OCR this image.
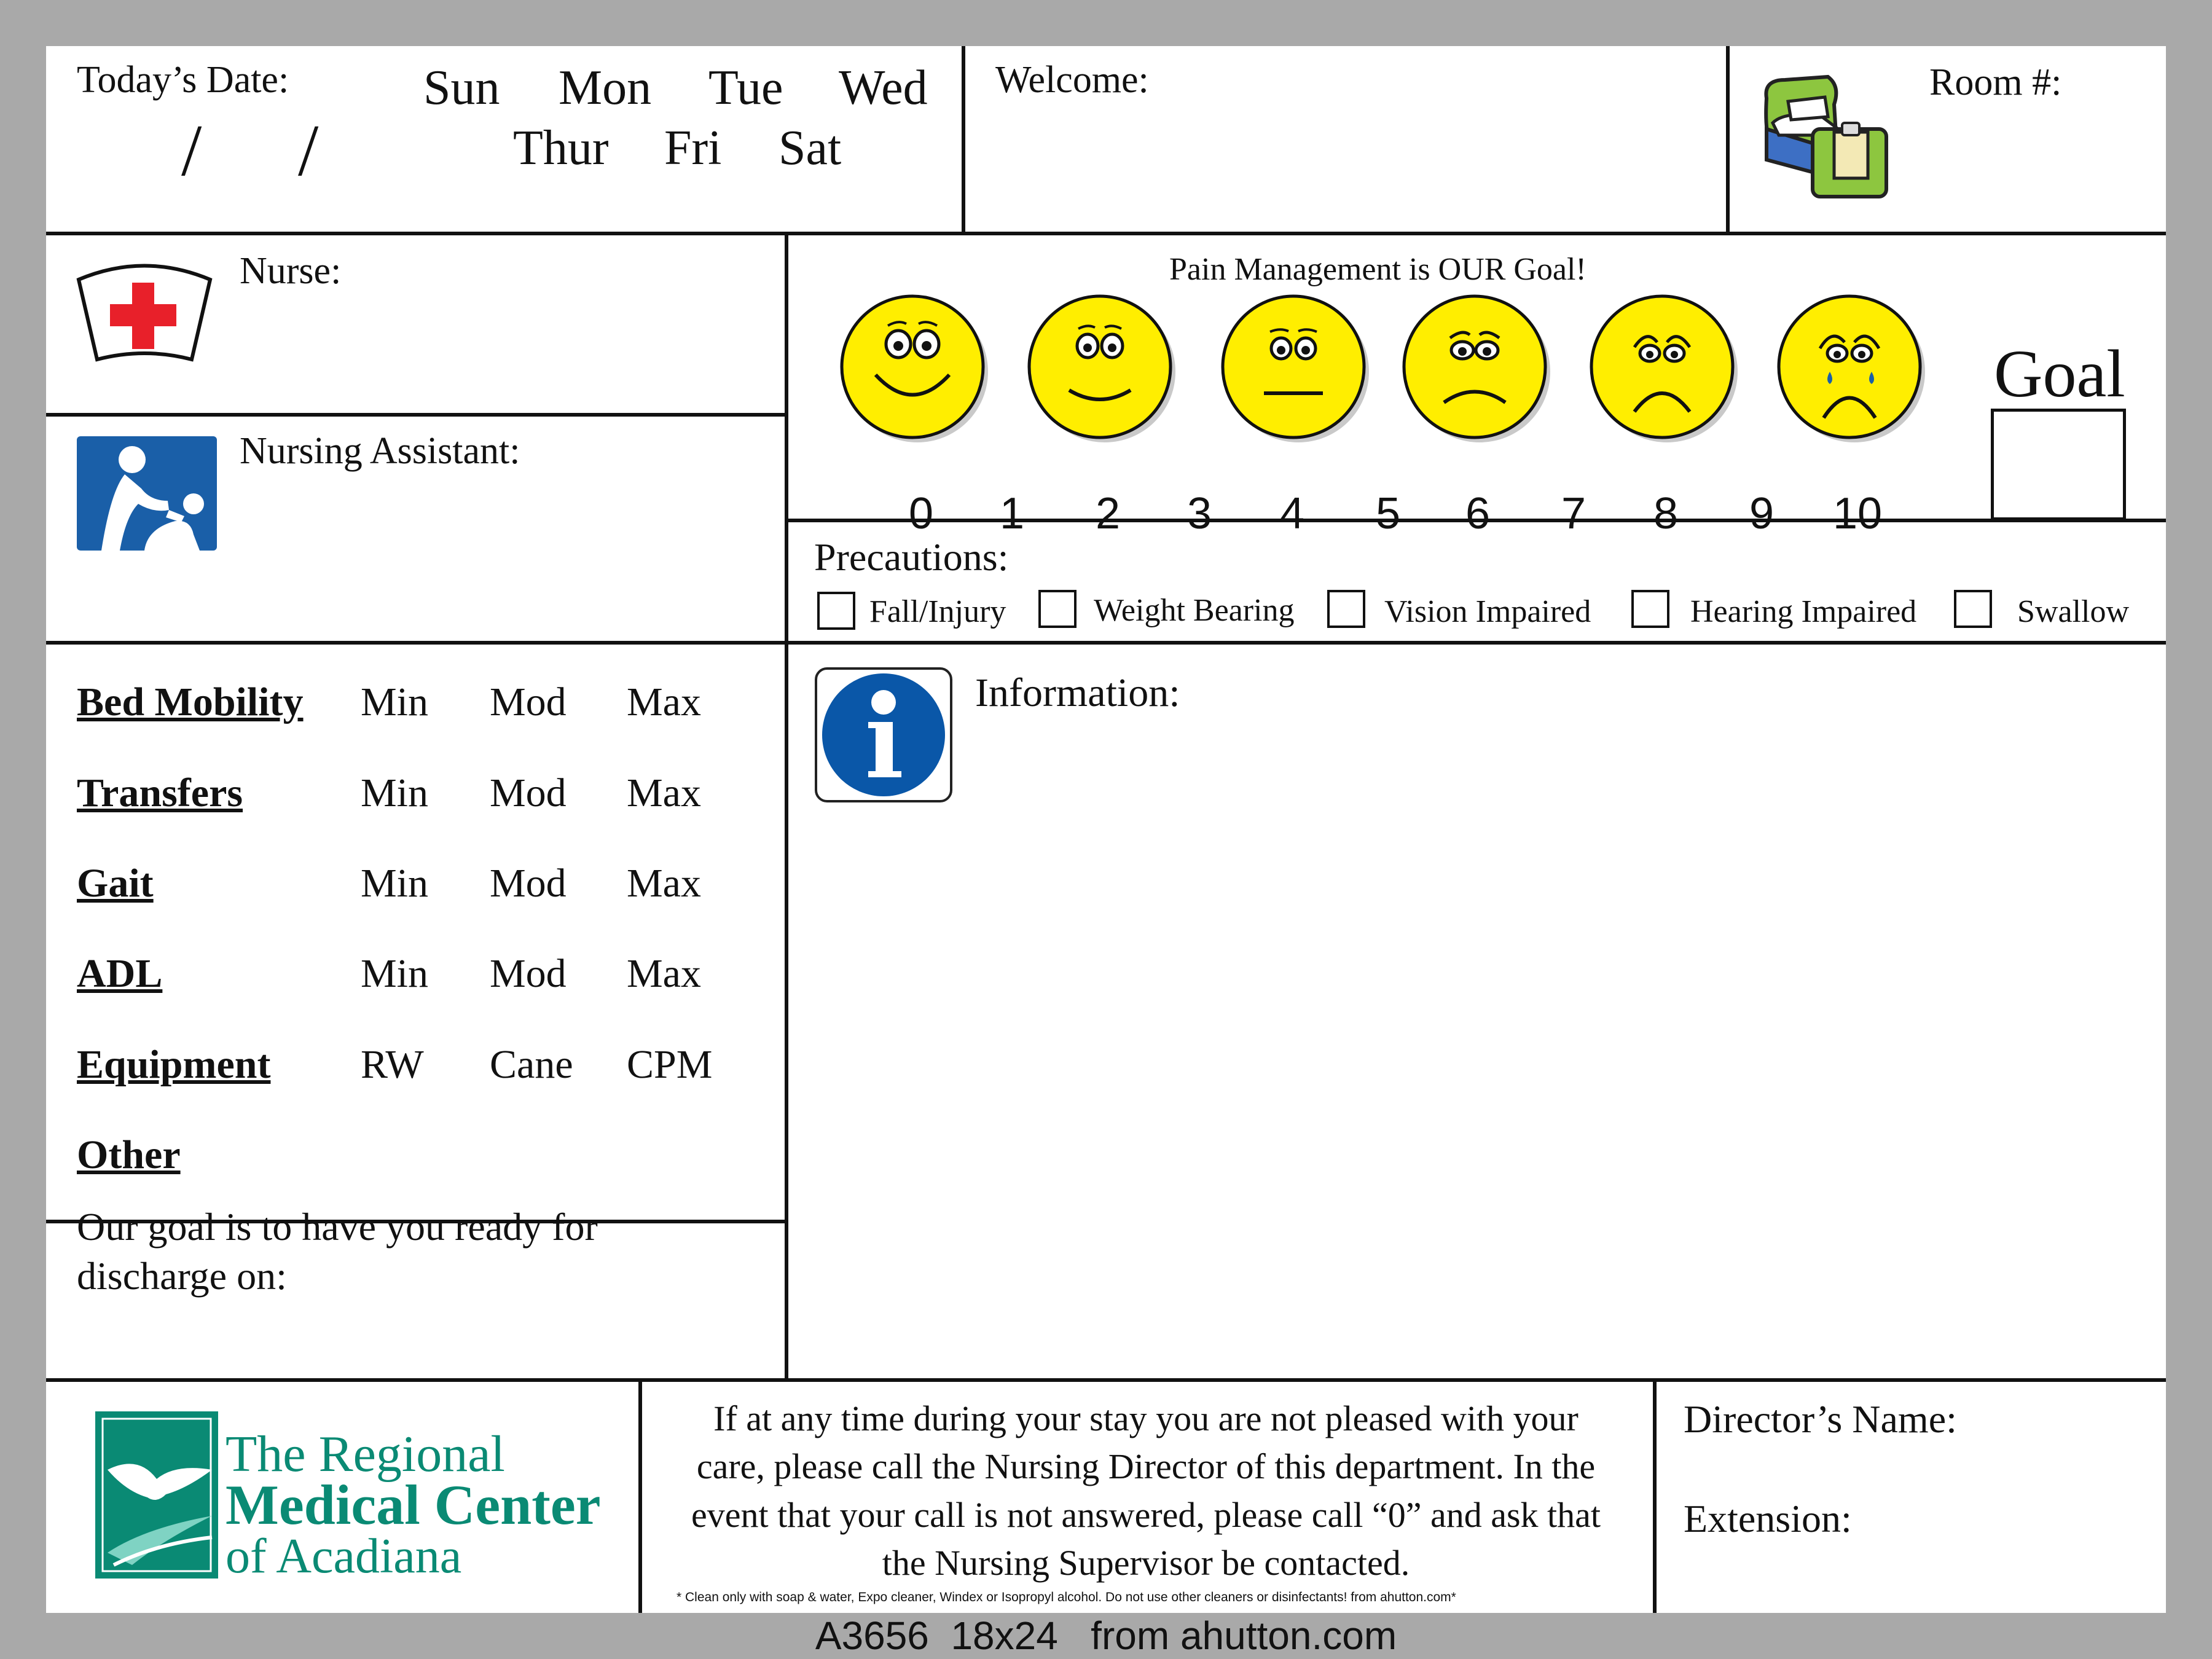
Today’s Date:
/ /
Sun Mon Tue Wed
Thur Fri Sat
Welcome:	Room #:
Nurse:
Nursing Assistant:
Pain Management is OUR Goal!
0 1 2 3 4 5 6 7 8 9 10
Goal
Precautions:
Fall/Injury	Weight Bearing	Vision Impaired	Hearing Impaired	Swallow
Bed Mobility Min Mod Max
Transfers	Min Mod Max
Gait	Min Mod Max
ADL	Min Mod Max
Equipment RW Cane CPM
Other
Information:
Our goal is to have you ready for
discharge on:
The Regional
Medical Center
of Acadiana
If at any time during your stay you are not pleased with your
care, please call the Nursing Director of this department. In the
event that your call is not answered, please call “0” and ask that
the Nursing Supervisor be contacted.
* Clean only with soap & water, Expo cleaner, Windex or Isopropyl alcohol. Do not use other cleaners or disinfectants! from ahutton.com*
Director’s Name:
Extension:
A3656  18x24   from ahutton.com
